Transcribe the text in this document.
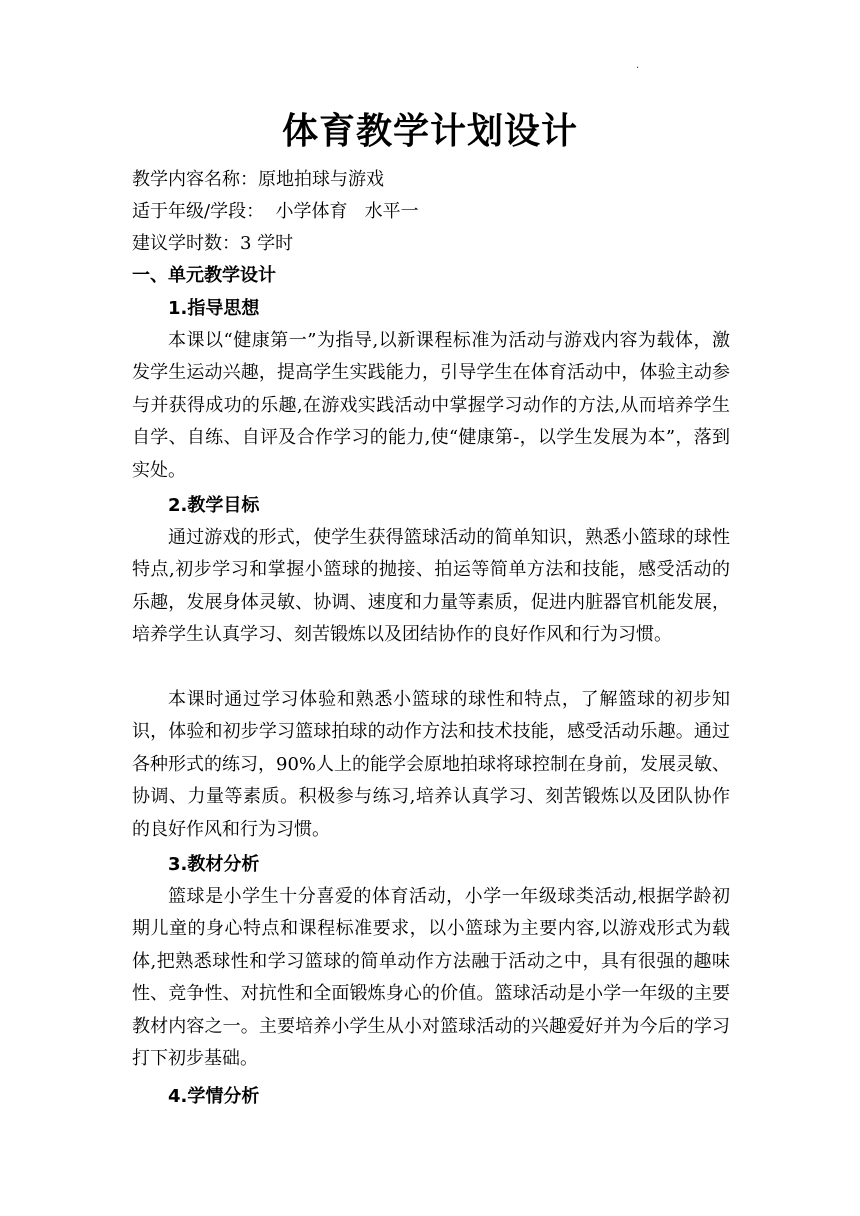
.
体育教学计划设计
教学内容名称：原地拍球与游戏
适于年级/学段：  小学体育   水平一
建议学时数：3 学时
一、单元教学设计
1.指导思想

本课以“健康第一”为指导,以新课程标准为活动与游戏内容为载体，激发学生运动兴趣，提高学生实践能力，引导学生在体育活动中，体验主动参与并获得成功的乐趣,在游戏实践活动中掌握学习动作的方法,从而培养学生自学、自练、自评及合作学习的能力,使“健康第-，以学生发展为本”，落到实处。

2.教学目标

通过游戏的形式，使学生获得篮球活动的简单知识，熟悉小篮球的球性特点,初步学习和掌握小篮球的抛接、拍运等简单方法和技能，感受活动的乐趣，发展身体灵敏、协调、速度和力量等素质，促进内脏器官机能发展，培养学生认真学习、刻苦锻炼以及团结协作的良好作风和行为习惯。

本课时通过学习体验和熟悉小篮球的球性和特点，了解篮球的初步知识，体验和初步学习篮球拍球的动作方法和技术技能，感受活动乐趣。通过各种形式的练习，90%人上的能学会原地拍球将球控制在身前，发展灵敏、协调、力量等素质。积极参与练习,培养认真学习、刻苦锻炼以及团队协作的良好作风和行为习惯。

3.教材分析

篮球是小学生十分喜爱的体育活动，小学一年级球类活动,根据学龄初期儿童的身心特点和课程标准要求，以小篮球为主要内容,以游戏形式为载体,把熟悉球性和学习篮球的简单动作方法融于活动之中，具有很强的趣味性、竞争性、对抗性和全面锻炼身心的价值。篮球活动是小学一年级的主要教材内容之一。主要培养小学生从小对篮球活动的兴趣爱好并为今后的学习打下初步基础。

4.学情分析
